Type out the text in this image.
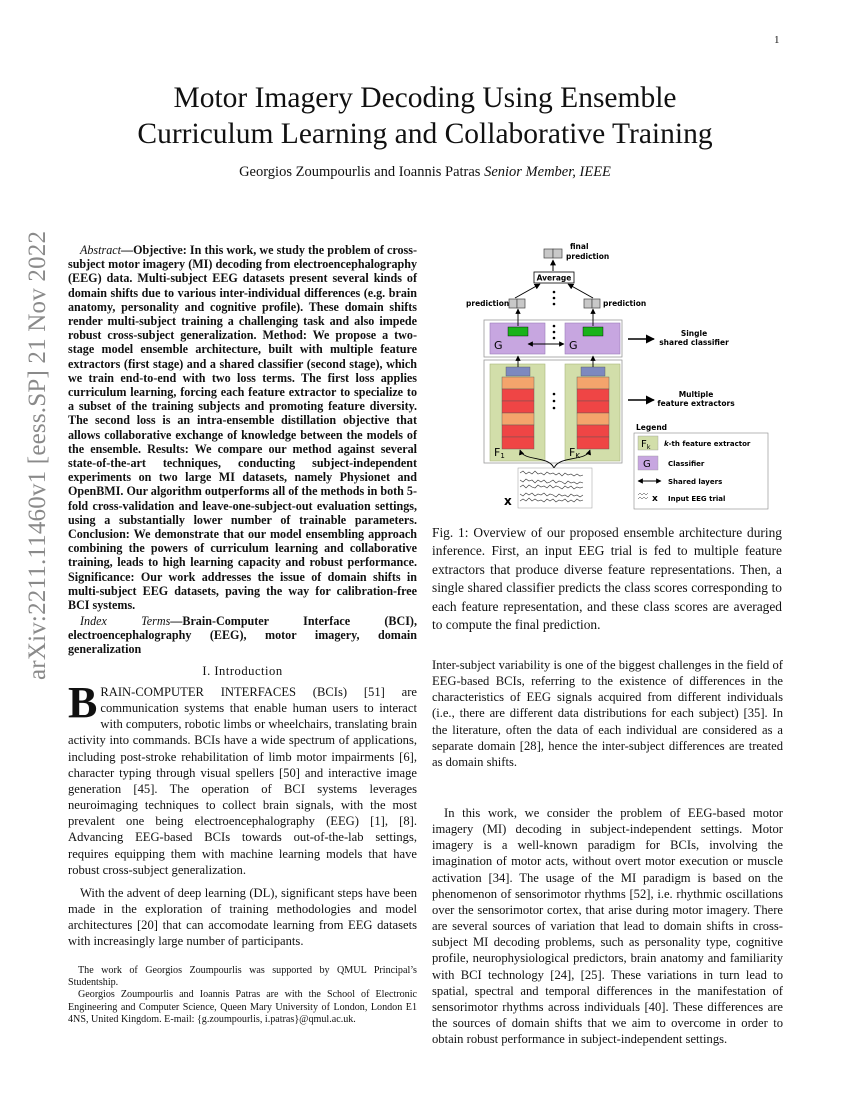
1
arXiv:2211.11460v1 [eess.SP] 21 Nov 2022
Motor Imagery Decoding Using Ensemble
Curriculum Learning and Collaborative Training
Georgios Zoumpourlis and Ioannis Patras Senior Member, IEEE

Abstract—Objective: In this work, we study the problem of cross-subject motor imagery (MI) decoding from electroencephalography (EEG) data. Multi-subject EEG datasets present several kinds of domain shifts due to various inter-individual differences (e.g. brain anatomy, personality and cognitive profile). These domain shifts render multi-subject training a challenging task and also impede robust cross-subject generalization. Method: We propose a two-stage model ensemble architecture, built with multiple feature extractors (first stage) and a shared classifier (second stage), which we train end-to-end with two loss terms. The first loss applies curriculum learning, forcing each feature extractor to specialize to a subset of the training subjects and promoting feature diversity. The second loss is an intra-ensemble distillation objective that allows collaborative exchange of knowledge between the models of the ensemble. Results: We compare our method against several state-of-the-art techniques, conducting subject-independent experiments on two large MI datasets, namely Physionet and OpenBMI. Our algorithm outperforms all of the methods in both 5-fold cross-validation and leave-one-subject-out evaluation settings, using a substantially lower number of trainable parameters. Conclusion: We demonstrate that our model ensembling approach combining the powers of curriculum learning and collaborative training, leads to high learning capacity and robust performance. Significance: Our work addresses the issue of domain shifts in multi-subject EEG datasets, paving the way for calibration-free BCI systems.

Index Terms—Brain-Computer Interface (BCI), electroencephalography (EEG), motor imagery, domain generalization

I. Introduction

BRAIN-COMPUTER INTERFACES (BCIs) [51] are communication systems that enable human users to interact with computers, robotic limbs or wheelchairs, translating brain activity into commands. BCIs have a wide spectrum of applications, including post-stroke rehabilitation of limb motor impairments [6], character typing through visual spellers [50] and interactive image generation [45]. The operation of BCI systems leverages neuroimaging techniques to collect brain signals, with the most prevalent one being electroencephalography (EEG) [1], [8]. Advancing EEG-based BCIs towards out-of-the-lab settings, requires equipping them with machine learning models that have robust cross-subject generalization.

With the advent of deep learning (DL), significant steps have been made in the exploration of training methodologies and model architectures [20] that can accomodate learning from EEG datasets with increasingly large number of participants.

The work of Georgios Zoumpourlis was supported by QMUL Principal’s Studentship.

Georgios Zoumpourlis and Ioannis Patras are with the School of Electronic Engineering and Computer Science, Queen Mary University of London, London E1 4NS, United Kingdom. E-mail: {g.zoumpourlis, i.patras}@qmul.ac.uk.

final
prediction
Average
prediction	prediction
G	G
Single
shared classifier
F1	FK
Multiple
feature extractors
x
Legend
$F_k$ k-th feature extractor
G Classifier
Shared layers
x Input EEG trial
Fig. 1: Overview of our proposed ensemble architecture during inference. First, an input EEG trial is fed to multiple feature extractors that produce diverse feature representations. Then, a single shared classifier predicts the class scores corresponding to each feature representation, and these class scores are averaged to compute the final prediction.

Inter-subject variability is one of the biggest challenges in the field of EEG-based BCIs, referring to the existence of differences in the characteristics of EEG signals acquired from different individuals (i.e., there are different data distributions for each subject) [35]. In the literature, often the data of each individual are considered as a separate domain [28], hence the inter-subject differences are treated as domain shifts.

In this work, we consider the problem of EEG-based motor imagery (MI) decoding in subject-independent settings. Motor imagery is a well-known paradigm for BCIs, involving the imagination of motor acts, without overt motor execution or muscle activation [34]. The usage of the MI paradigm is based on the phenomenon of sensorimotor rhythms [52], i.e. rhythmic oscillations over the sensorimotor cortex, that arise during motor imagery. There are several sources of variation that lead to domain shifts in cross-subject MI decoding problems, such as personality type, cognitive profile, neurophysiological predictors, brain anatomy and familiarity with BCI technology [24], [25]. These variations in turn lead to spatial, spectral and temporal differences in the manifestation of sensorimotor rhythms across individuals [40]. These differences are the sources of domain shifts that we aim to overcome in order to obtain robust performance in subject-independent settings.
